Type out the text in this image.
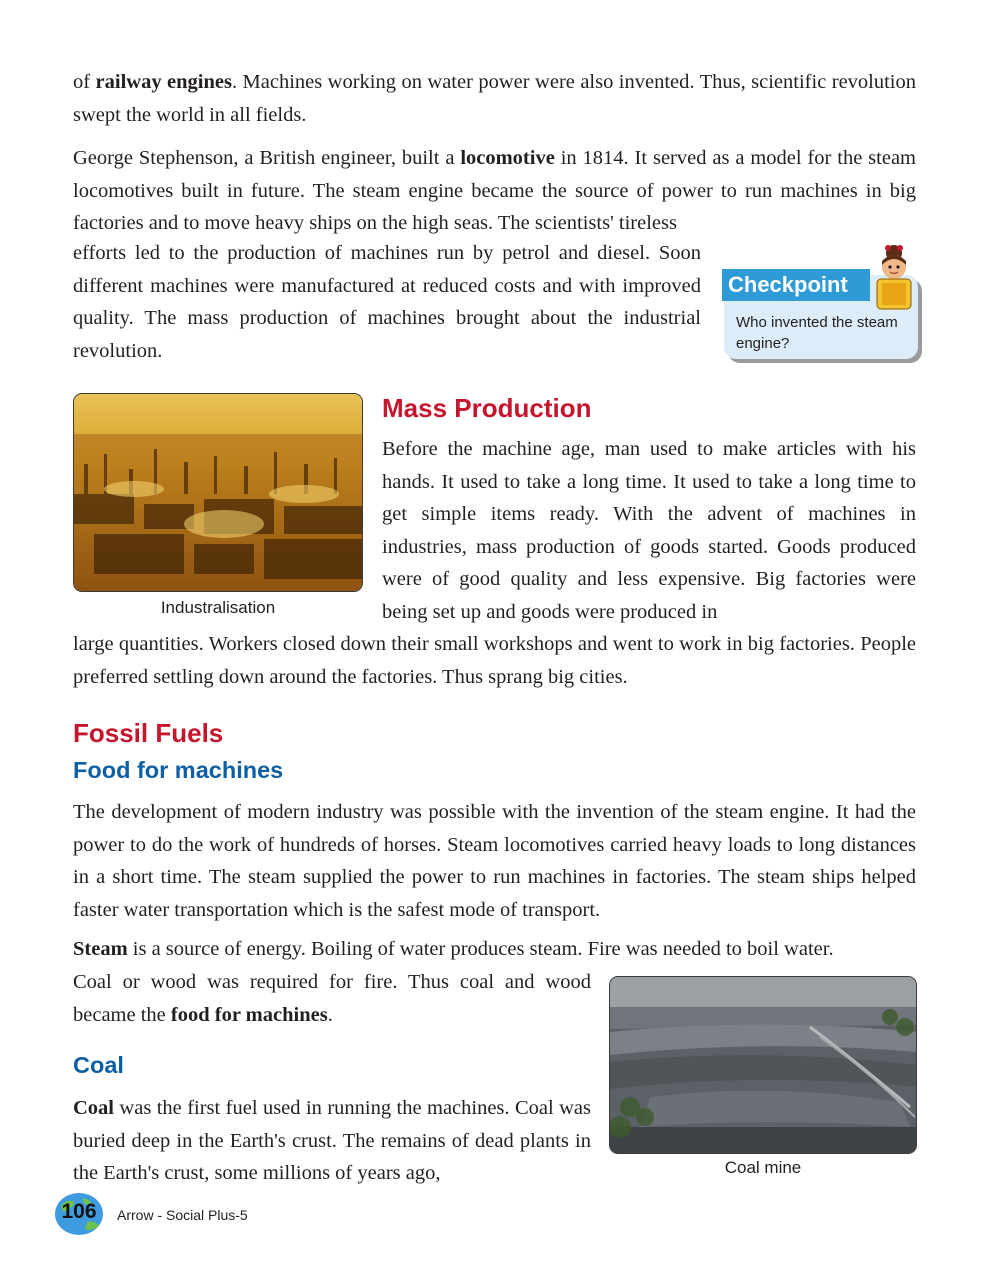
of railway engines. Machines working on water power were also invented. Thus, scientific revolution swept the world in all fields.

George Stephenson, a British engineer, built a locomotive in 1814. It served as a model for the steam locomotives built in future. The steam engine became the source of power to run machines in big factories and to move heavy ships on the high seas. The scientists' tireless

efforts led to the production of machines run by petrol and diesel. Soon different machines were manufactured at reduced costs and with improved quality. The mass production of machines brought about the industrial revolution.

Checkpoint
Who invented the steam engine?
Industralisation
Mass Production

Before the machine age, man used to make articles with his hands. It used to take a long time. It used to take a long time to get simple items ready. With the advent of machines in industries, mass production of goods started. Goods produced were of good quality and less expensive. Big factories were being set up and goods were produced in

large quantities. Workers closed down their small workshops and went to work in big factories. People preferred settling down around the factories. Thus sprang big cities.

Fossil Fuels
Food for machines

The development of modern industry was possible with the invention of the steam engine. It had the power to do the work of hundreds of horses. Steam locomotives carried heavy loads to long distances in a short time. The steam supplied the power to run machines in factories. The steam ships helped faster water transportation which is the safest mode of transport.

Steam is a source of energy. Boiling of water produces steam. Fire was needed to boil water.

Coal or wood was required for fire. Thus coal and wood became the food for machines.

Coal

Coal was the first fuel used in running the machines. Coal was buried deep in the Earth's crust. The remains of dead plants in the Earth's crust, some millions of years ago,	Coal mine
106	Arrow - Social Plus-5
